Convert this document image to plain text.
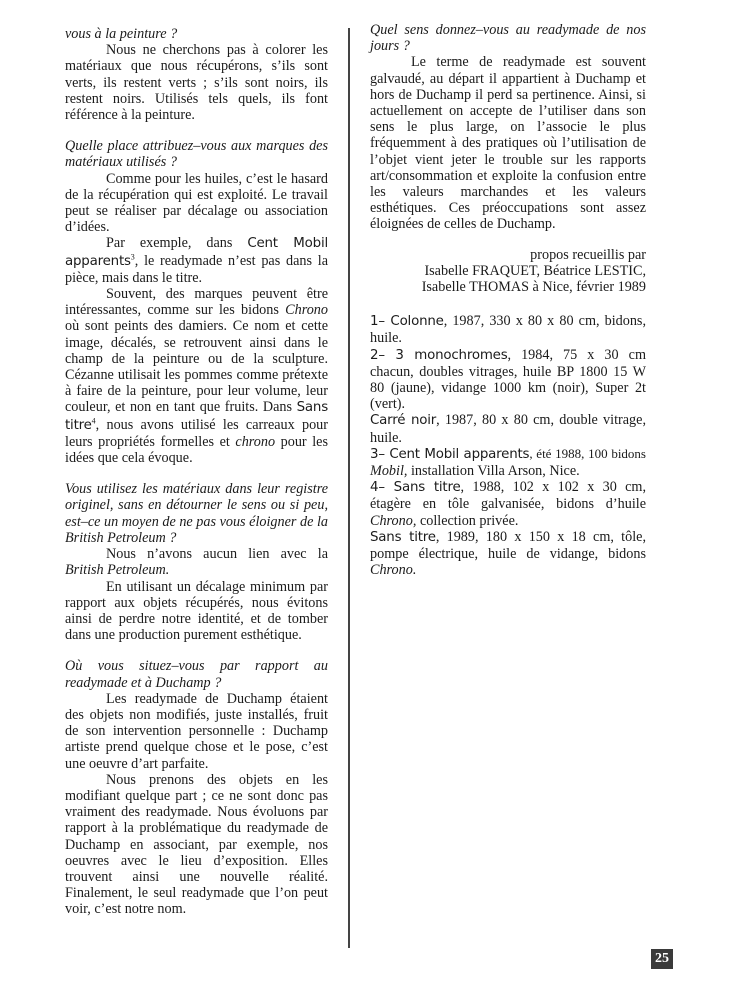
vous à la peinture ?

Nous ne cherchons pas à colorer les matériaux que nous récupérons, s’ils sont verts, ils restent verts ; s’ils sont noirs, ils restent noirs. Utilisés tels quels, ils font référence à la peinture.

Quelle place attribuez–vous aux marques des matériaux utilisés ?

Comme pour les huiles, c’est le hasard de la récupération qui est exploité. Le travail peut se réaliser par décalage ou association d’idées.

Par exemple, dans Cent Mobil apparents$^3$, le readymade n’est pas dans la pièce, mais dans le titre.

Souvent, des marques peuvent être intéressantes, comme sur les bidons Chrono où sont peints des damiers. Ce nom et cette image, décalés, se retrouvent ainsi dans le champ de la peinture ou de la sculpture. Cézanne utilisait les pommes comme prétexte à faire de la peinture, pour leur volume, leur couleur, et non en tant que fruits. Dans Sans titre$^4$, nous avons utilisé les carreaux pour leurs propriétés formelles et chrono pour les idées que cela évoque.

Vous utilisez les matériaux dans leur registre originel, sans en détourner le sens ou si peu, est–ce un moyen de ne pas vous éloigner de la British Petroleum ?

Nous n’avons aucun lien avec la British Petroleum.

En utilisant un décalage minimum par rapport aux objets récupérés, nous évitons ainsi de perdre notre identité, et de tomber dans une production purement esthétique.

Où vous situez–vous par rapport au readymade et à Duchamp ?

Les readymade de Duchamp étaient des objets non modifiés, juste installés, fruit de son intervention personnelle : Duchamp artiste prend quelque chose et le pose, c’est une oeuvre d’art parfaite.

Nous prenons des objets en les modifiant quelque part ; ce ne sont donc pas vraiment des readymade. Nous évoluons par rapport à la problématique du readymade de Duchamp en associant, par exemple, nos oeuvres avec le lieu d’exposition. Elles trouvent ainsi une nouvelle réalité. Finalement, le seul readymade que l’on peut voir, c’est notre nom.

Quel sens donnez–vous au readymade de nos jours ?

Le terme de readymade est souvent galvaudé, au départ il appartient à Duchamp et hors de Duchamp il perd sa pertinence. Ainsi, si actuellement on accepte de l’utiliser dans son sens le plus large, on l’associe le plus fréquemment à des pratiques où l’utilisation de l’objet vient jeter le trouble sur les rapports art/consommation et exploite la confusion entre les valeurs marchandes et les valeurs esthétiques. Ces préoccupations sont assez éloignées de celles de Duchamp.

propos recueillis par
Isabelle FRAQUET, Béatrice LESTIC,
Isabelle THOMAS à Nice, février 1989

1– Colonne, 1987, 330 x 80 x 80 cm, bidons, huile.

2– 3 monochromes, 1984, 75 x 30 cm chacun, doubles vitrages, huile BP 1800 15 W 80 (jaune), vidange 1000 km (noir), Super 2t (vert).

Carré noir, 1987, 80 x 80 cm, double vitrage, huile.

3– Cent Mobil apparents, été 1988, 100 bidons Mobil, installation Villa Arson, Nice.

4– Sans titre, 1988, 102 x 102 x 30 cm, étagère en tôle galvanisée, bidons d’huile Chrono, collection privée.

Sans titre, 1989, 180 x 150 x 18 cm, tôle, pompe électrique, huile de vidange, bidons Chrono.

25
